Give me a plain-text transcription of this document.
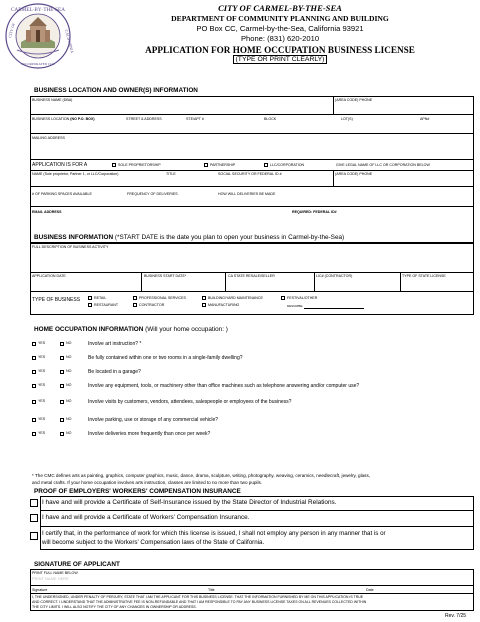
CARMEL·BY·THE·SEA
INCORPORATED 1916
CITY OF	CALIFORNIA
CITY OF CARMEL-BY-THE-SEA
DEPARTMENT OF COMMUNITY PLANNING AND BUILDING
PO Box CC, Carmel-by-the-Sea, California 93921
Phone: (831) 620-2010
APPLICATION FOR HOME OCCUPATION BUSINESS LICENSE
(TYPE OR PRINT CLEARLY)
BUSINESS LOCATION AND OWNER(S) INFORMATION
BUSINESS NAME (DBA)	(AREA CODE) PHONE
BUSINESS LOCATION (NO P.O. BOX)	STREET & ADDRESS	STE/APT #	BLOCK	LOT(S)	APN#
MAILING ADDRESS
APPLICATION IS FOR A	SOLE PROPRIETORSHIP	PARTNERSHIP	LLC/CORPORATION	GIVE LEGAL NAME OF LLC OR CORPORATION BELOW
NAME (Sole proprietor, Partner 1, or LLC/Corporation)	TITLE	SOCIAL SECURITY OR FEDERAL ID #	(AREA CODE) PHONE
# OF PARKING SPACES AVAILABLE	FREQUENCY OF DELIVERIES	HOW WILL DELIVERIES BE MADE
EMAIL ADDRESS	REQUIRED: FEDERAL ID#
BUSINESS INFORMATION (*START DATE is the date you plan to open your business in Carmel-by-the-Sea)
FULL DESCRIPTION OF BUSINESS ACTIVITY
APPLICATION DATE	BUSINESS START DATE*	CA STATE RESALE/SELLER	LIC# (CONTRACTOR)	TYPE OF STATE LICENSE
TYPE OF BUSINESS	RETAIL
RESTAURANT
PROFESSIONAL SERVICES
CONTRACTOR
BUILDING/YARD MAINTENANCE
MANUFACTURING
FESTIVAL/OTHER
DESCRIBE:
HOME OCCUPATION INFORMATION (Will your home occupation: )
YES	NO	Involve art instruction? *
YES	NO	Be fully contained within one or two rooms in a single-family dwelling?
YES	NO	Be located in a garage?
YES	NO	Involve any equipment, tools, or machinery other than office machines such as telephone answering and/or computer use?
YES	NO	Involve visits by customers, vendors, attendees, salespeople or employees of the business?
YES	NO	Involve parking, use or storage of any commercial vehicle?
YES	NO	Involve deliveries more frequently than once per week?
* The CMC defines arts as painting, graphics, computer graphics, music, dance, drama, sculpture, writing, photography, weaving, ceramics, needlecraft, jewelry, glass,
and metal crafts. If your home occupation involves arts instruction, classes are limited to no more than two pupils.
PROOF OF EMPLOYERS' WORKERS' COMPENSATION INSURANCE
I have and will provide a Certificate of Self-Insurance issued by the State Director of Industrial Relations.
I have and will provide a Certificate of Workers' Compensation Insurance.
I certify that, in the performance of work for which this license is issued, I shall not employ any person in any manner that is or
will become subject to the Workers' Compensation laws of the State of California.
SIGNATURE OF APPLICANT
PRINT FULL NAME BELOW
PRINT NAME HERE
Signature	Title	Date
I, THE UNDERSIGNED, UNDER PENALTY OF PERJURY, STATE THAT I AM THE APPLICANT FOR THIS BUSINESS LICENSE. THAT THE INFORMATION FURNISHED BY ME ON THIS APPLICATION IS TRUE
AND CORRECT. I UNDERSTAND THAT THE ADMINISTRATIVE FEE IS NON-REFUNDABLE AND THAT I AM RESPONSIBLE TO PAY ANY BUSINESS LICENSE TAXES ON ALL REVENUES COLLECTED WITHIN
THE CITY LIMITS. I WILL ALSO NOTIFY THE CITY OF ANY CHANGES IN OWNERSHIP OR ADDRESS.
Rev. 7/25
